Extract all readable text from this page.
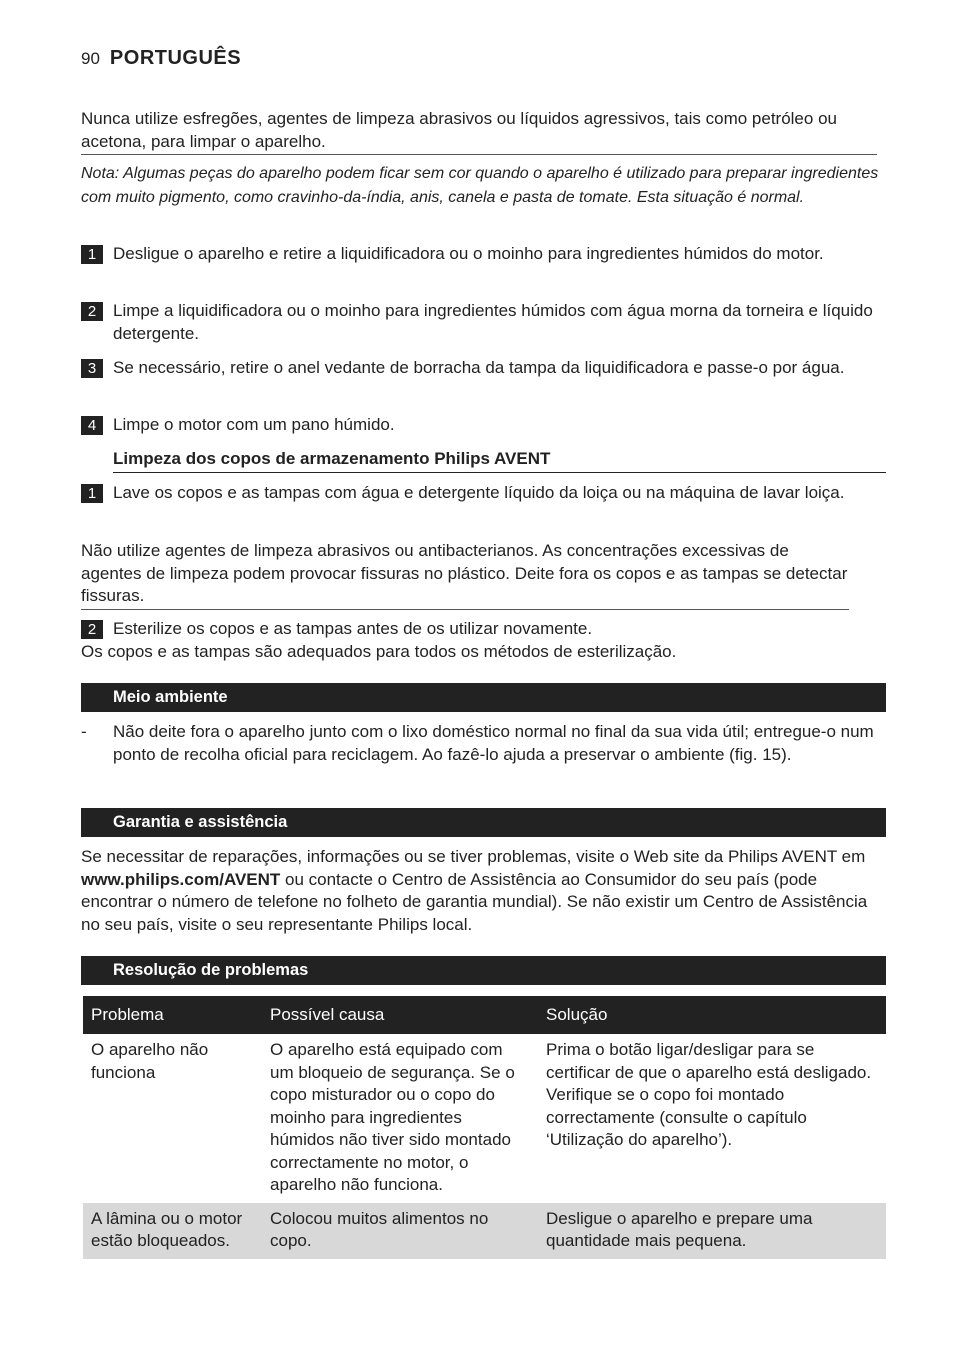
90 PORTUGUÊS
Nunca utilize esfregões, agentes de limpeza abrasivos ou líquidos agressivos, tais como petróleo ou acetona, para limpar o aparelho.
Nota: Algumas peças do aparelho podem ficar sem cor quando o aparelho é utilizado para preparar ingredientes com muito pigmento, como cravinho-da-índia, anis, canela e pasta de tomate. Esta situação é normal.
1 Desligue o aparelho e retire a liquidificadora ou o moinho para ingredientes húmidos do motor.
2 Limpe a liquidificadora ou o moinho para ingredientes húmidos com água morna da torneira e líquido detergente.
3 Se necessário, retire o anel vedante de borracha da tampa da liquidificadora e passe-o por água.
4 Limpe o motor com um pano húmido.
Limpeza dos copos de armazenamento Philips AVENT
1 Lave os copos e as tampas com água e detergente líquido da loiça ou na máquina de lavar loiça.
Não utilize agentes de limpeza abrasivos ou antibacterianos. As concentrações excessivas de agentes de limpeza podem provocar fissuras no plástico. Deite fora os copos e as tampas se detectar fissuras.
2 Esterilize os copos e as tampas antes de os utilizar novamente.
Os copos e as tampas são adequados para todos os métodos de esterilização.
Meio ambiente
-	Não deite fora o aparelho junto com o lixo doméstico normal no final da sua vida útil; entregue-o num ponto de recolha oficial para reciclagem. Ao fazê-lo ajuda a preservar o ambiente (fig. 15).
Garantia e assistência
Se necessitar de reparações, informações ou se tiver problemas, visite o Web site da Philips AVENT em www.philips.com/AVENT ou contacte o Centro de Assistência ao Consumidor do seu país (pode encontrar o número de telefone no folheto de garantia mundial). Se não existir um Centro de Assistência no seu país, visite o seu representante Philips local.
Resolução de problemas
Problema	Possível causa	Solução
O aparelho não funciona	O aparelho está equipado com um bloqueio de segurança. Se o copo misturador ou o copo do moinho para ingredientes húmidos não tiver sido montado correctamente no motor, o aparelho não funciona.	Prima o botão ligar/desligar para se certificar de que o aparelho está desligado. Verifique se o copo foi montado correctamente (consulte o capítulo ‘Utilização do aparelho’).
A lâmina ou o motor estão bloqueados.	Colocou muitos alimentos no copo.	Desligue o aparelho e prepare uma quantidade mais pequena.
